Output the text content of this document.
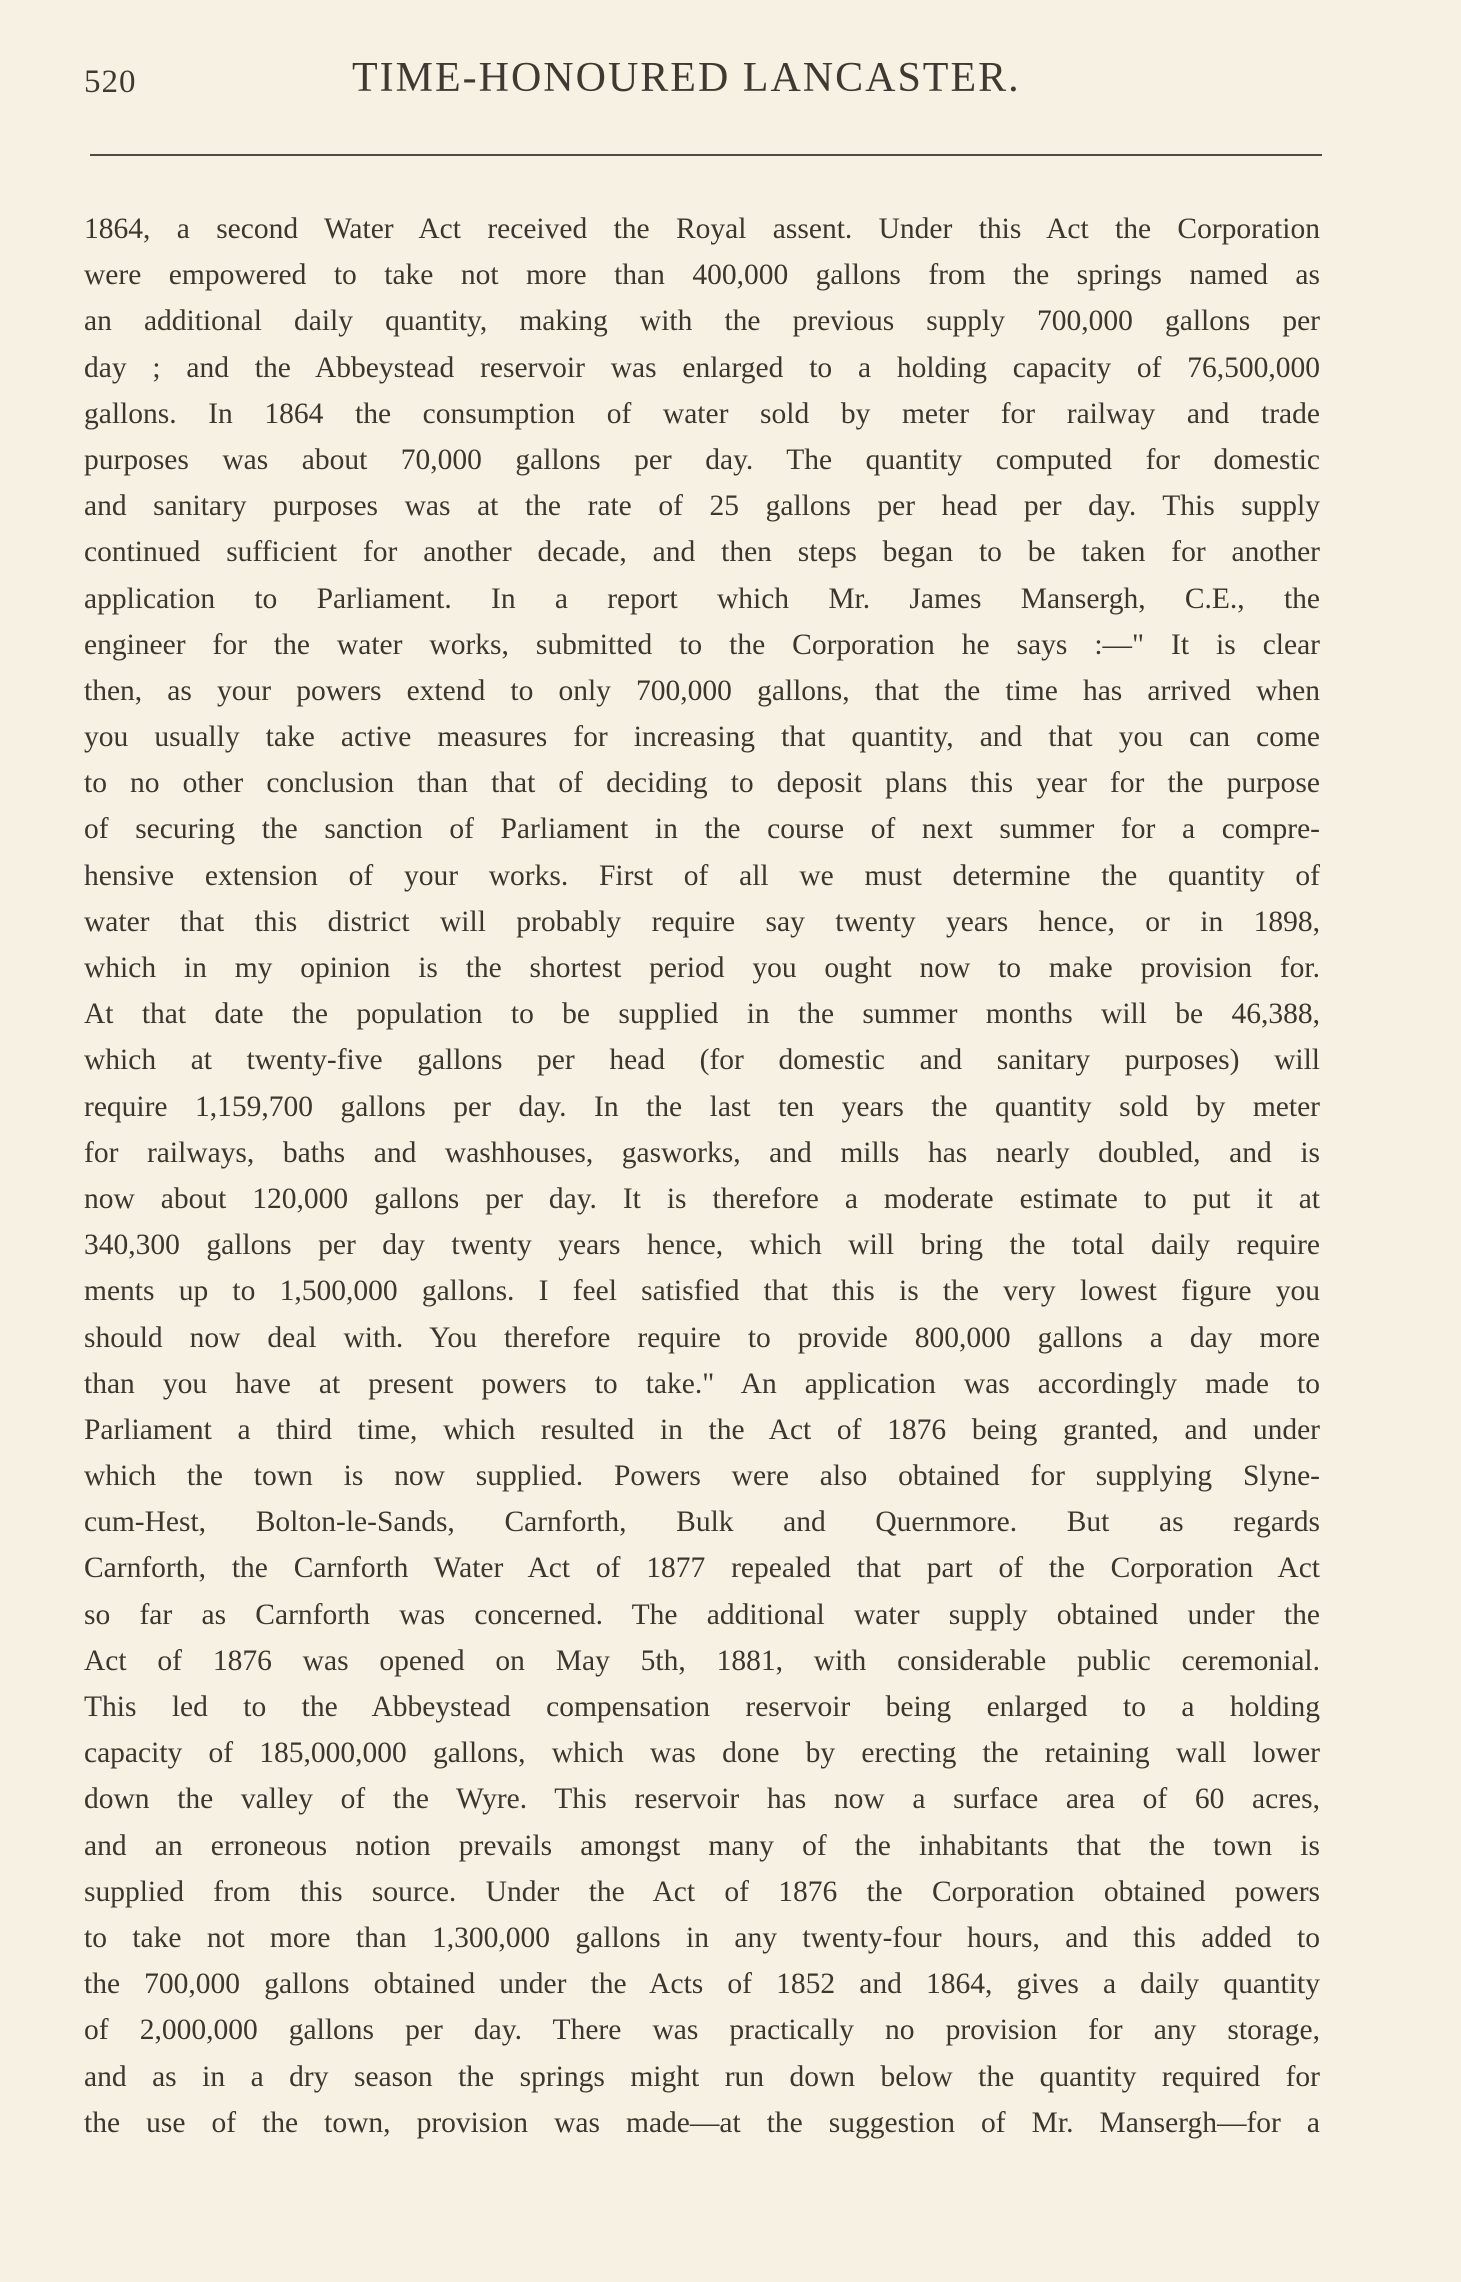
520	TIME-HONOURED LANCASTER.
1864, a second Water Act received the Royal assent. Under this Act the Corporation
were empowered to take not more than 400,000 gallons from the springs named as
an additional daily quantity, making with the previous supply 700,000 gallons per
day ; and the Abbeystead reservoir was enlarged to a holding capacity of 76,500,000
gallons. In 1864 the consumption of water sold by meter for railway and trade
purposes was about 70,000 gallons per day. The quantity computed for domestic
and sanitary purposes was at the rate of 25 gallons per head per day. This supply
continued sufficient for another decade, and then steps began to be taken for another
application to Parliament. In a report which Mr. James Mansergh, C.E., the
engineer for the water works, submitted to the Corporation he says :—" It is clear
then, as your powers extend to only 700,000 gallons, that the time has arrived when
you usually take active measures for increasing that quantity, and that you can come
to no other conclusion than that of deciding to deposit plans this year for the purpose
of securing the sanction of Parliament in the course of next summer for a compre-
hensive extension of your works. First of all we must determine the quantity of
water that this district will probably require say twenty years hence, or in 1898,
which in my opinion is the shortest period you ought now to make provision for.
At that date the population to be supplied in the summer months will be 46,388,
which at twenty-five gallons per head (for domestic and sanitary purposes) will
require 1,159,700 gallons per day. In the last ten years the quantity sold by meter
for railways, baths and washhouses, gasworks, and mills has nearly doubled, and is
now about 120,000 gallons per day. It is therefore a moderate estimate to put it at
340,300 gallons per day twenty years hence, which will bring the total daily require
ments up to 1,500,000 gallons. I feel satisfied that this is the very lowest figure you
should now deal with. You therefore require to provide 800,000 gallons a day more
than you have at present powers to take." An application was accordingly made to
Parliament a third time, which resulted in the Act of 1876 being granted, and under
which the town is now supplied. Powers were also obtained for supplying Slyne-
cum-Hest, Bolton-le-Sands, Carnforth, Bulk and Quernmore. But as regards
Carnforth, the Carnforth Water Act of 1877 repealed that part of the Corporation Act
so far as Carnforth was concerned. The additional water supply obtained under the
Act of 1876 was opened on May 5th, 1881, with considerable public ceremonial.
This led to the Abbeystead compensation reservoir being enlarged to a holding
capacity of 185,000,000 gallons, which was done by erecting the retaining wall lower
down the valley of the Wyre. This reservoir has now a surface area of 60 acres,
and an erroneous notion prevails amongst many of the inhabitants that the town is
supplied from this source. Under the Act of 1876 the Corporation obtained powers
to take not more than 1,300,000 gallons in any twenty-four hours, and this added to
the 700,000 gallons obtained under the Acts of 1852 and 1864, gives a daily quantity
of 2,000,000 gallons per day. There was practically no provision for any storage,
and as in a dry season the springs might run down below the quantity required for
the use of the town, provision was made—at the suggestion of Mr. Mansergh—for a
